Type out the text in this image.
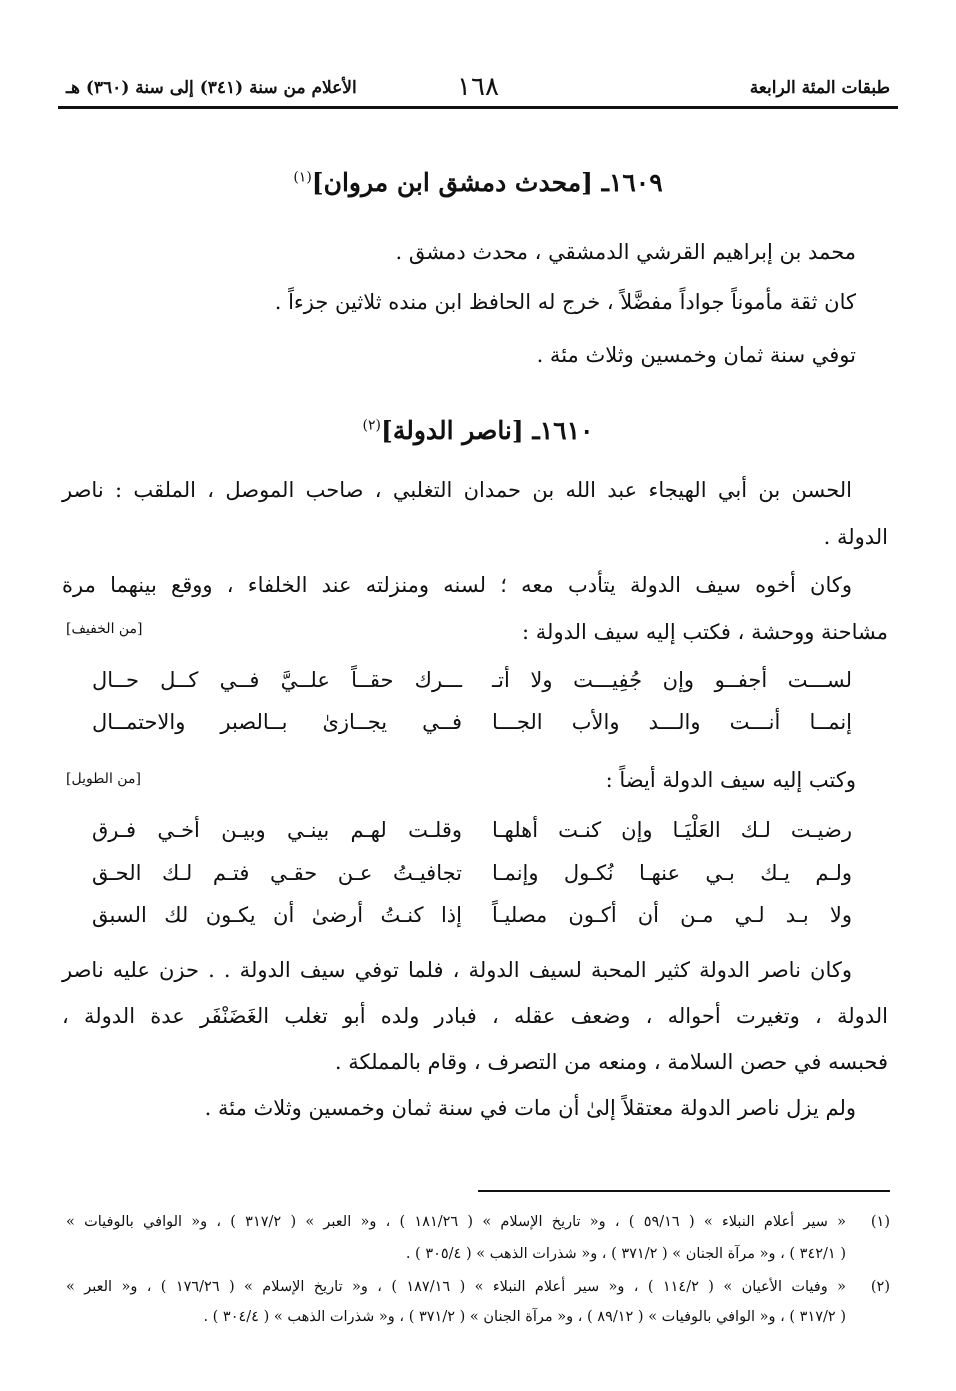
طبقات المئة الرابعة
١٦٨
الأعلام من سنة (٣٤١) إلى سنة (٣٦٠) هـ
١٦٠٩ـ [محدث دمشق ابن مروان]$^{(١)}$
محمد بن إبراهيم القرشي الدمشقي ، محدث دمشق .
كان ثقة مأموناً جواداً مفضَّلاً ، خرج له الحافظ ابن منده ثلاثين جزءاً .
توفي سنة ثمان وخمسين وثلاث مئة .
١٦١٠ـ [ناصر الدولة]$^{(٢)}$
الحسن بن أبي الهيجاء عبد الله بن حمدان التغلبي ، صاحب الموصل ، الملقب : ناصر
الدولة .
وكان أخوه سيف الدولة يتأدب معه ؛ لسنه ومنزلته عند الخلفاء ، ووقع بينهما مرة
مشاحنة ووحشة ، فكتب إليه سيف الدولة :
[من الخفيف]
لســـت أجفــو وإن جُفِيـــت ولا أتـ
ـــرك حقــاً علــيَّ فــي كــل حــال
إنمــا أنـــت والـــد والأب الجـــا
فــي يجــازىٰ بــالصبر والاحتمــال
وكتب إليه سيف الدولة أيضاً :
[من الطويل]
رضيـت لـك العَلْيَـا وإن كنـت أهلهـا
وقلـت لهـم بينـي وبيـن أخـي فـرق
ولـم يـك بـي عنهـا نُكـول وإنمـا
تجافيـتُ عـن حقـي فتـم لـك الحـق
ولا بـد لـي مـن أن أكـون مصليـاً
إذا كنـتُ أرضىٰ أن يكـون لك السبق
وكان ناصر الدولة كثير المحبة لسيف الدولة ، فلما توفي سيف الدولة . . حزن عليه ناصر
الدولة ، وتغيرت أحواله ، وضعف عقله ، فبادر ولده أبو تغلب الغَضَنْفَر عدة الدولة ،
فحبسه في حصن السلامة ، ومنعه من التصرف ، وقام بالمملكة .
ولم يزل ناصر الدولة معتقلاً إلىٰ أن مات في سنة ثمان وخمسين وثلاث مئة .
(١)
« سير أعلام النبلاء » ( ٥٩/١٦ ) ، و« تاريخ الإسلام » ( ١٨١/٢٦ ) ، و« العبر » ( ٣١٧/٢ ) ، و« الوافي بالوفيات »
( ٣٤٢/١ ) ، و« مرآة الجنان » ( ٣٧١/٢ ) ، و« شذرات الذهب » ( ٣٠٥/٤ ) .
(٢)
« وفيات الأعيان » ( ١١٤/٢ ) ، و« سير أعلام النبلاء » ( ١٨٧/١٦ ) ، و« تاريخ الإسلام » ( ١٧٦/٢٦ ) ، و« العبر »
( ٣١٧/٢ ) ، و« الوافي بالوفيات » ( ٨٩/١٢ ) ، و« مرآة الجنان » ( ٣٧١/٢ ) ، و« شذرات الذهب » ( ٣٠٤/٤ ) .
